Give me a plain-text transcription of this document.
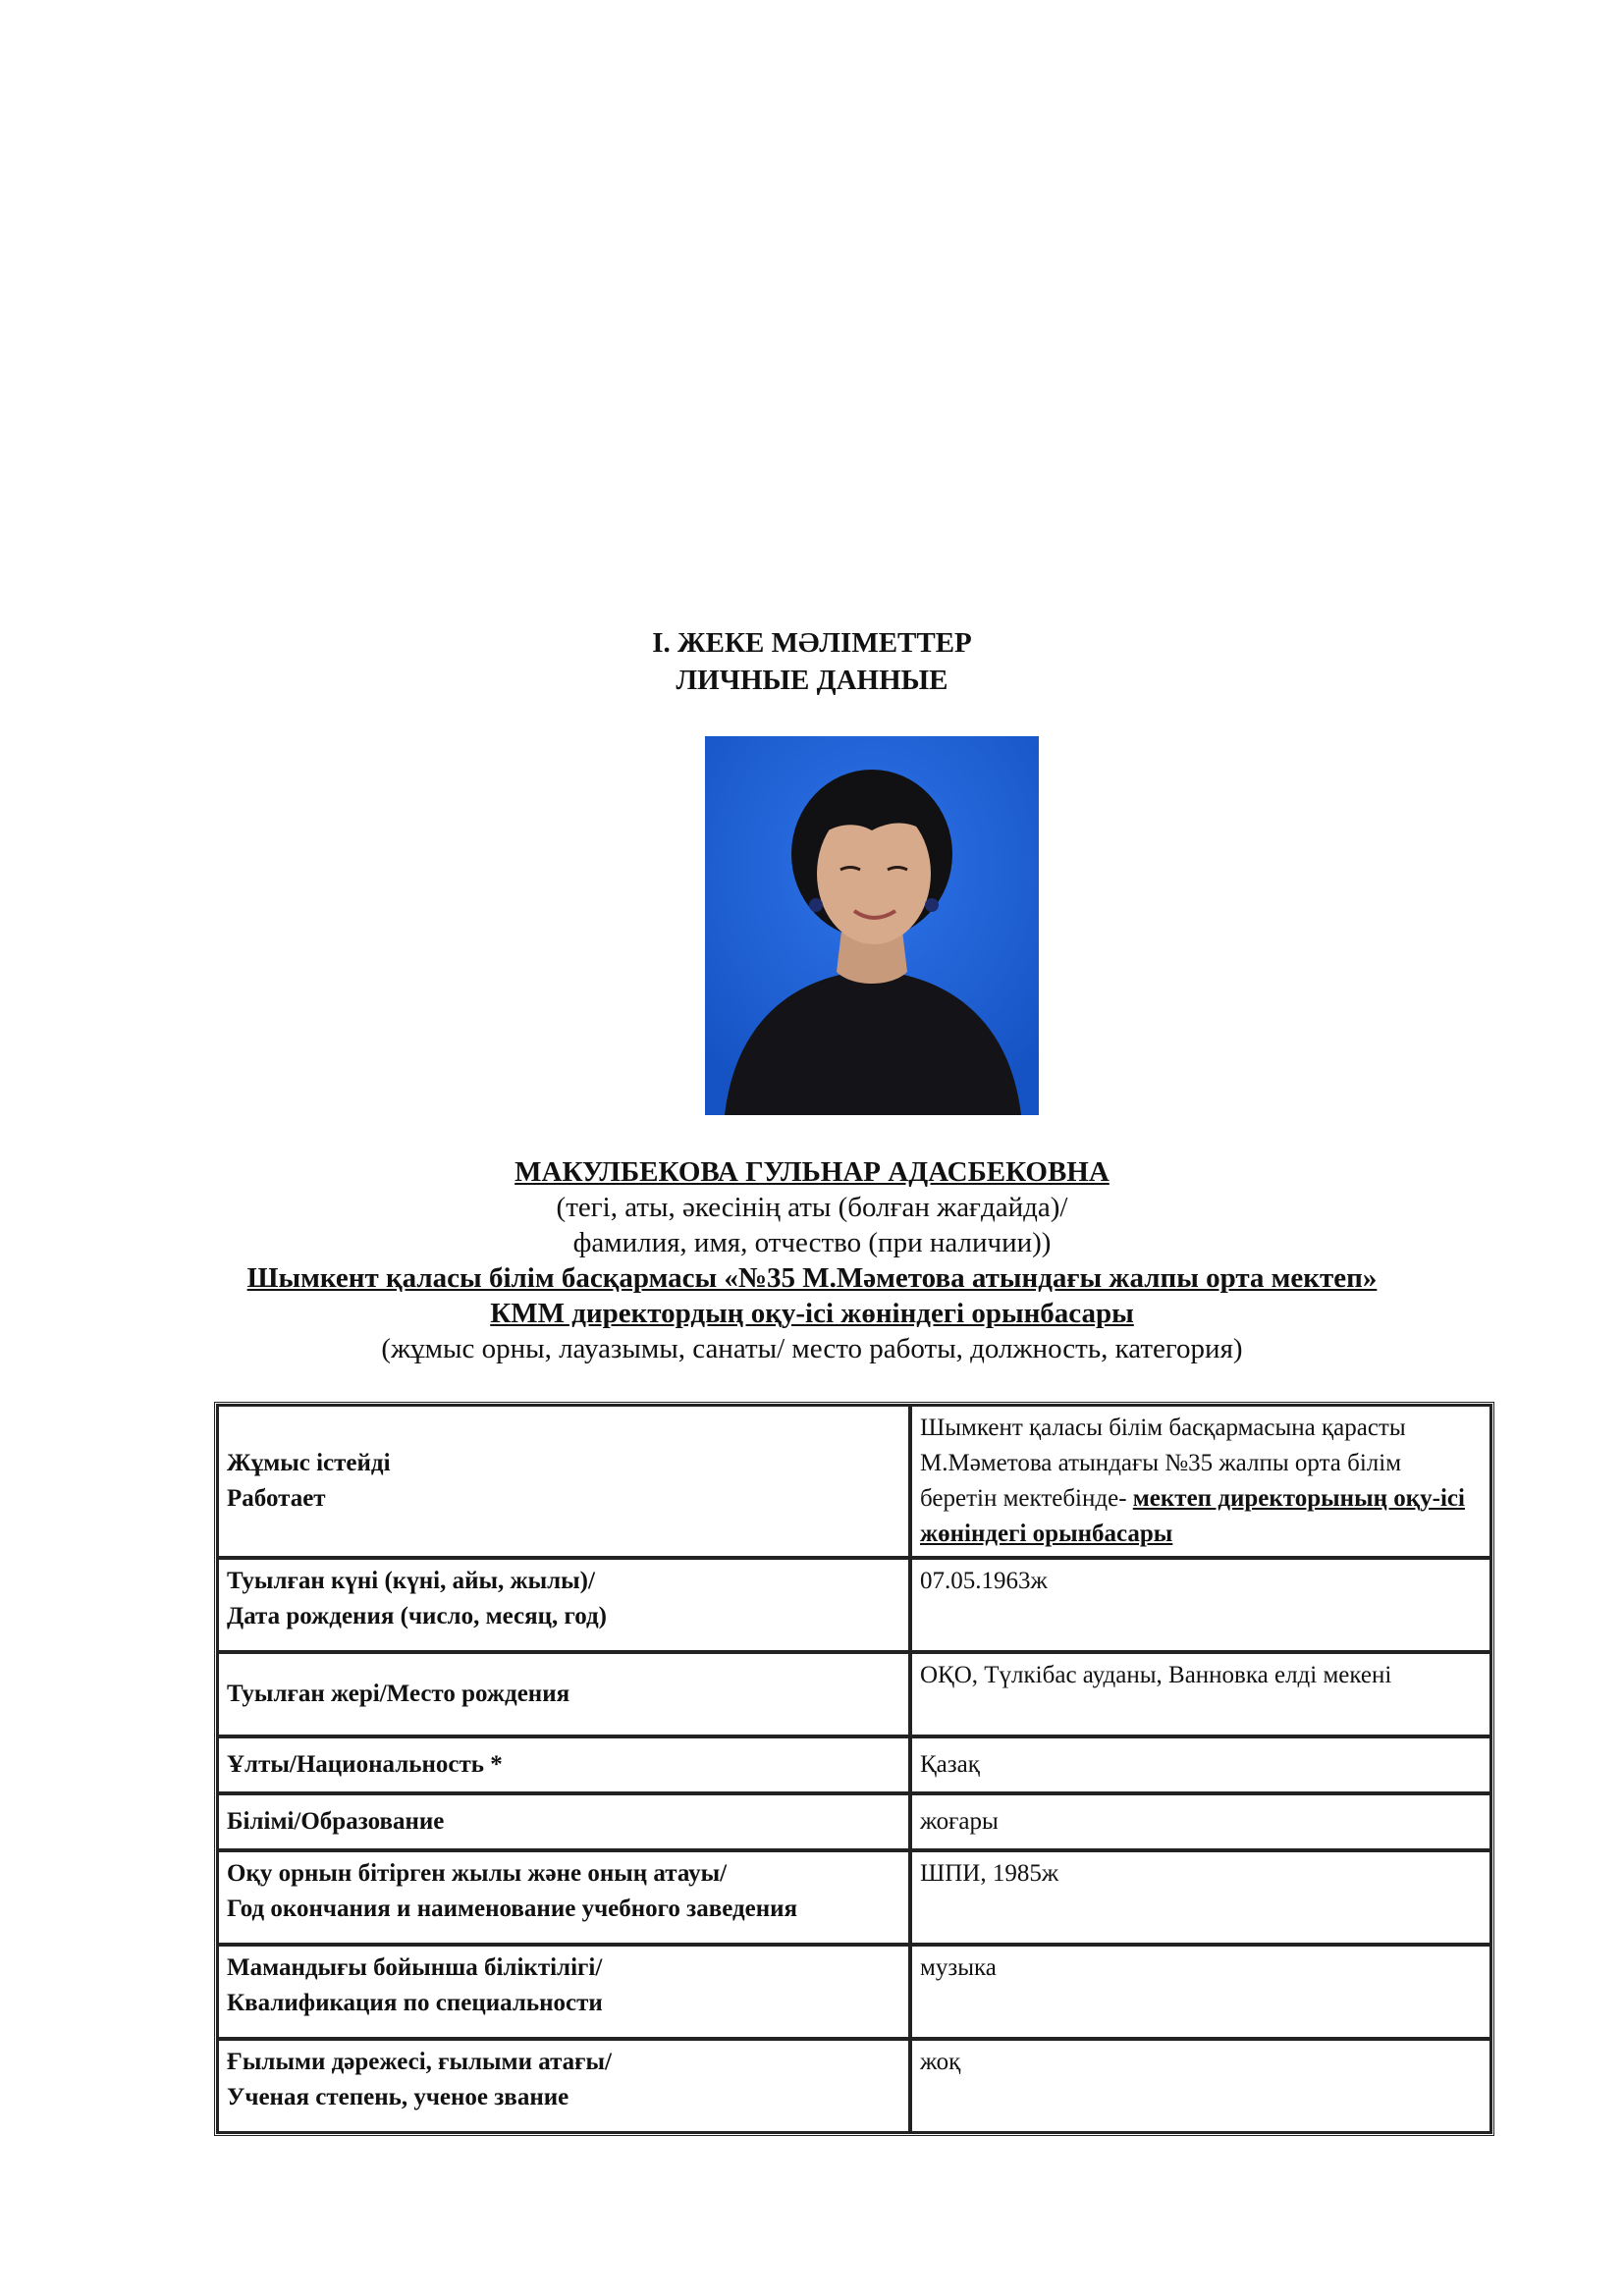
І. ЖЕКЕ МӘЛІМЕТТЕР
ЛИЧНЫЕ ДАННЫЕ
МАКУЛБЕКОВА ГУЛЬНАР АДАСБЕКОВНА
(тегі, аты, әкесінің аты (болған жағдайда)/
фамилия, имя, отчество (при наличии))
Шымкент қаласы білім басқармасы «№35 М.Мәметова атындағы жалпы орта мектеп»
КММ директордың оқу-ісі жөніндегі орынбасары
(жұмыс орны, лауазымы, санаты/ место работы, должность, категория)
Жұмыс істейді
Работает	Шымкент қаласы білім басқармасына қарасты М.Мәметова атындағы №35 жалпы орта білім беретін мектебінде- мектеп директорының оқу-ісі жөніндегі орынбасары

Туылған күні (күні, айы, жылы)/
Дата рождения (число, месяц, год)	07.05.1963ж

Туылған жері/Место рождения	ОҚО, Түлкібас ауданы, Ванновка елді мекені

Ұлты/Национальность *	Қазақ

Білімі/Образование	жоғары

Оқу орнын бітірген жылы және оның атауы/
Год окончания и наименование учебного заведения	ШПИ, 1985ж

Мамандығы бойынша біліктілігі/
Квалификация по специальности	музыка

Ғылыми дәрежесі, ғылыми атағы/
Ученая степень, ученое звание	жоқ
